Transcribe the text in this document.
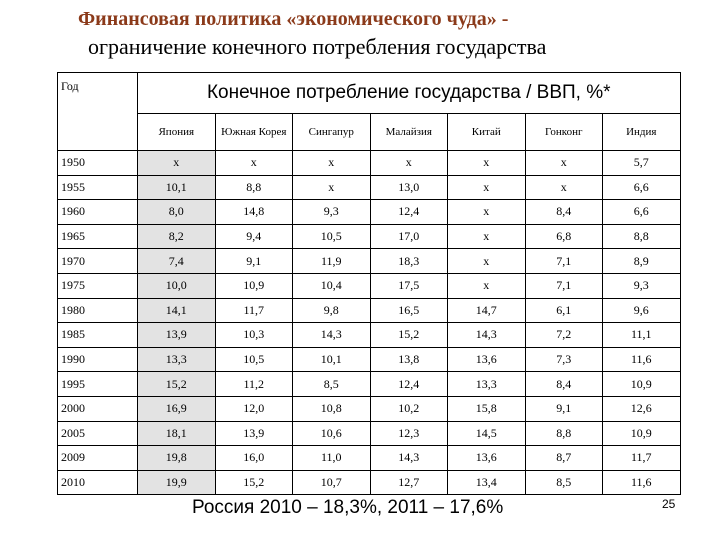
Финансовая политика «экономического чуда» -
ограничение конечного потребления государства
Год	Конечное потребление государства / ВВП, %*						
	Япония	Южная Корея	Сингапур	Малайзия	Китай	Гонконг	Индия
1950	x	x	x	x	x	x	5,7
1955	10,1	8,8	x	13,0	x	x	6,6
1960	8,0	14,8	9,3	12,4	x	8,4	6,6
1965	8,2	9,4	10,5	17,0	x	6,8	8,8
1970	7,4	9,1	11,9	18,3	x	7,1	8,9
1975	10,0	10,9	10,4	17,5	x	7,1	9,3
1980	14,1	11,7	9,8	16,5	14,7	6,1	9,6
1985	13,9	10,3	14,3	15,2	14,3	7,2	11,1
1990	13,3	10,5	10,1	13,8	13,6	7,3	11,6
1995	15,2	11,2	8,5	12,4	13,3	8,4	10,9
2000	16,9	12,0	10,8	10,2	15,8	9,1	12,6
2005	18,1	13,9	10,6	12,3	14,5	8,8	10,9
2009	19,8	16,0	11,0	14,3	13,6	8,7	11,7
2010	19,9	15,2	10,7	12,7	13,4	8,5	11,6
Россия 2010 – 18,3%, 2011 – 17,6%	25
